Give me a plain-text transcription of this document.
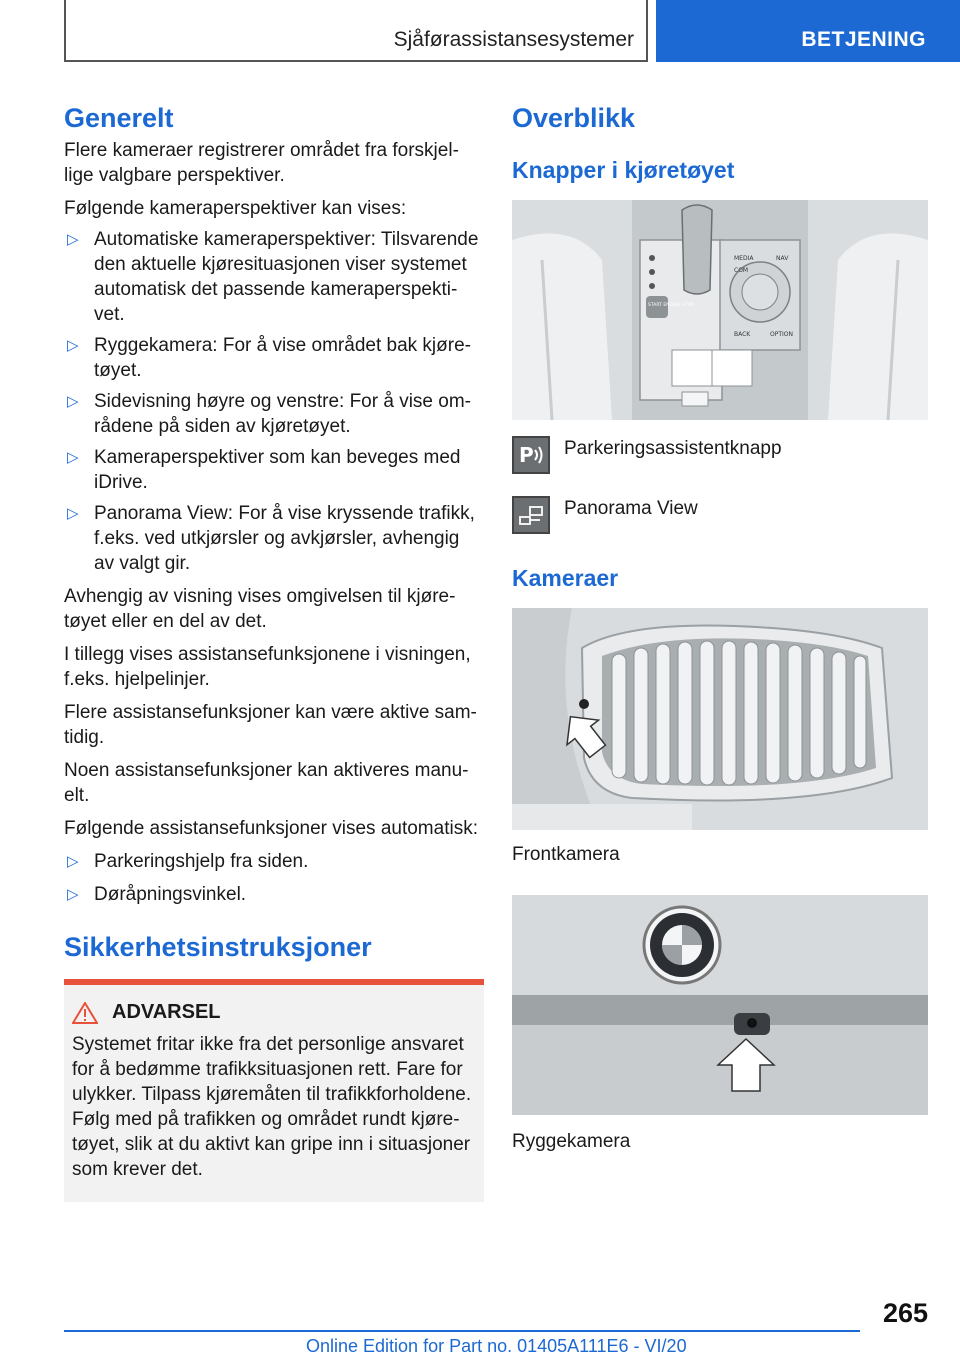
Sjåførassistansesystemer	BETJENING
Generelt

Flere kameraer registrerer området fra forskjel-lige valgbare perspektiver.

Følgende kameraperspektiver kan vises:

▷ Automatiske kameraperspektiver: Tilsvarende den aktuelle kjøresituasjonen viser systemet automatisk det passende kameraperspekti-vet.
▷ Ryggekamera: For å vise området bak kjøre-tøyet.
▷ Sidevisning høyre og venstre: For å vise om-rådene på siden av kjøretøyet.
▷ Kameraperspektiver som kan beveges med iDrive.
▷ Panorama View: For å vise kryssende trafikk, f.eks. ved utkjørsler og avkjørsler, avhengig av valgt gir.

Avhengig av visning vises omgivelsen til kjøre-tøyet eller en del av det.

I tillegg vises assistansefunksjonene i visningen, f.eks. hjelpelinjer.

Flere assistansefunksjoner kan være aktive sam-tidig.

Noen assistansefunksjoner kan aktiveres manu-elt.

Følgende assistansefunksjoner vises automatisk:

▷ Parkeringshjelp fra siden.
▷ Døråpningsvinkel.
Sikkerhetsinstruksjoner
ADVARSEL

Systemet fritar ikke fra det personlige ansvaret for å bedømme trafikksituasjonen rett. Fare for ulykker. Tilpass kjøremåten til trafikkforholdene. Følg med på trafikken og området rundt kjøre-tøyet, slik at du aktivt kan gripe inn i situasjoner som krever det.

Overblikk
Knapper i kjøretøyet
MEDIA	NAV
COM
BACK	OPTION
START ENGINE STOP
P Parkeringsassistentknapp
Panorama View
Kameraer

Frontkamera

Ryggekamera

265
Online Edition for Part no. 01405A111E6 - VI/20
